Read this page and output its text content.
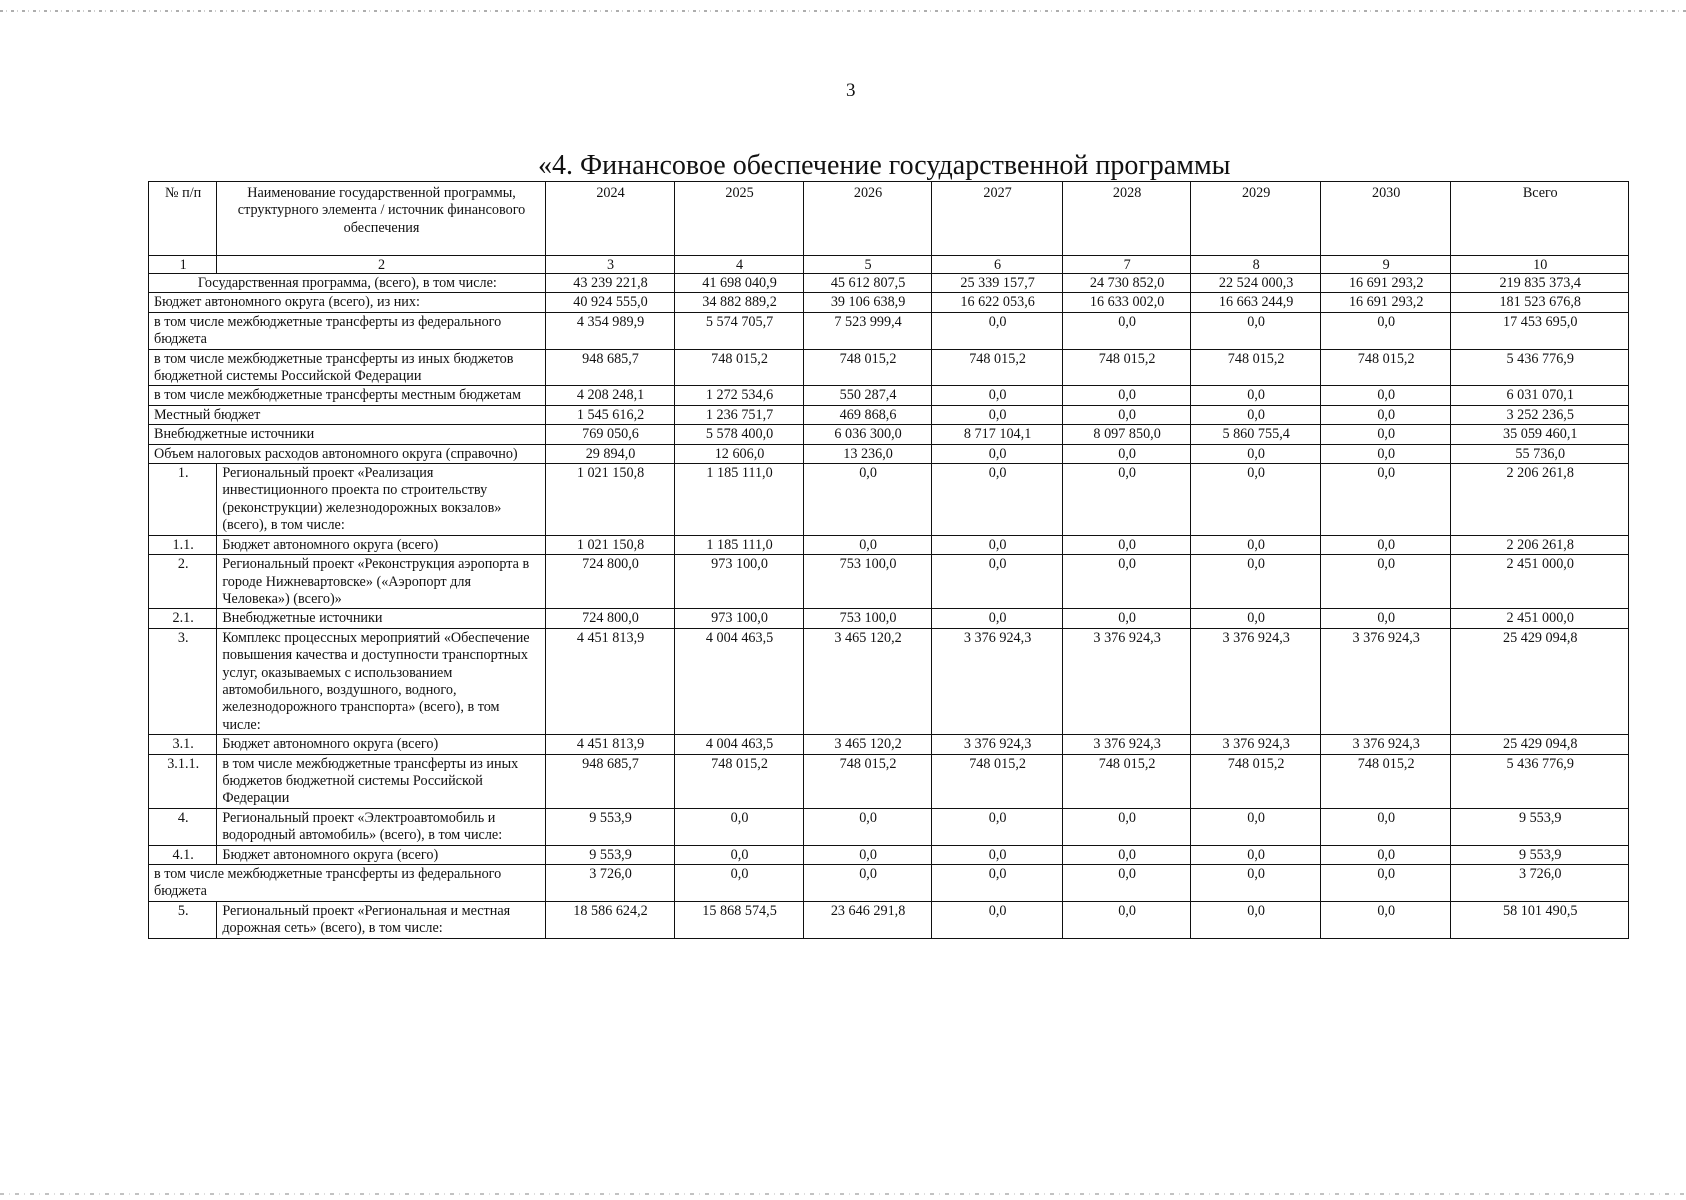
3
«4. Финансовое обеспечение государственной программы
№ п/п	Наименование государственной программы, структурного элемента / источник финансового обеспечения	2024	2025	2026	2027	2028	2029	2030	Всего
1	2	3	4	5	6	7	8	9	10
Государственная программа, (всего), в том числе:		43 239 221,8	41 698 040,9	45 612 807,5	25 339 157,7	24 730 852,0	22 524 000,3	16 691 293,2	219 835 373,4
Бюджет автономного округа (всего), из них:		40 924 555,0	34 882 889,2	39 106 638,9	16 622 053,6	16 633 002,0	16 663 244,9	16 691 293,2	181 523 676,8
в том числе межбюджетные трансферты из федерального бюджета		4 354 989,9	5 574 705,7	7 523 999,4	0,0	0,0	0,0	0,0	17 453 695,0
в том числе межбюджетные трансферты из иных бюджетов бюджетной системы Российской Федерации		948 685,7	748 015,2	748 015,2	748 015,2	748 015,2	748 015,2	748 015,2	5 436 776,9
в том числе межбюджетные трансферты местным бюджетам		4 208 248,1	1 272 534,6	550 287,4	0,0	0,0	0,0	0,0	6 031 070,1
Местный бюджет		1 545 616,2	1 236 751,7	469 868,6	0,0	0,0	0,0	0,0	3 252 236,5
Внебюджетные источники		769 050,6	5 578 400,0	6 036 300,0	8 717 104,1	8 097 850,0	5 860 755,4	0,0	35 059 460,1
Объем налоговых расходов автономного округа (справочно)		29 894,0	12 606,0	13 236,0	0,0	0,0	0,0	0,0	55 736,0
1.	Региональный проект «Реализация инвестиционного проекта по строительству (реконструкции) железнодорожных вокзалов» (всего), в том числе:	1 021 150,8	1 185 111,0	0,0	0,0	0,0	0,0	0,0	2 206 261,8
1.1.	Бюджет автономного округа (всего)	1 021 150,8	1 185 111,0	0,0	0,0	0,0	0,0	0,0	2 206 261,8
2.	Региональный проект «Реконструкция аэропорта в городе Нижневартовске» («Аэропорт для Человека») (всего)»	724 800,0	973 100,0	753 100,0	0,0	0,0	0,0	0,0	2 451 000,0
2.1.	Внебюджетные источники	724 800,0	973 100,0	753 100,0	0,0	0,0	0,0	0,0	2 451 000,0
3.	Комплекс процессных мероприятий «Обеспечение повышения качества и доступности транспортных услуг, оказываемых с использованием автомобильного, воздушного, водного, железнодорожного транспорта» (всего), в том числе:	4 451 813,9	4 004 463,5	3 465 120,2	3 376 924,3	3 376 924,3	3 376 924,3	3 376 924,3	25 429 094,8
3.1.	Бюджет автономного округа (всего)	4 451 813,9	4 004 463,5	3 465 120,2	3 376 924,3	3 376 924,3	3 376 924,3	3 376 924,3	25 429 094,8
3.1.1.	в том числе межбюджетные трансферты из иных бюджетов бюджетной системы Российской Федерации	948 685,7	748 015,2	748 015,2	748 015,2	748 015,2	748 015,2	748 015,2	5 436 776,9
4.	Региональный проект «Электроавтомобиль и водородный автомобиль» (всего), в том числе:	9 553,9	0,0	0,0	0,0	0,0	0,0	0,0	9 553,9
4.1.	Бюджет автономного округа (всего)	9 553,9	0,0	0,0	0,0	0,0	0,0	0,0	9 553,9
в том числе межбюджетные трансферты из федерального бюджета		3 726,0	0,0	0,0	0,0	0,0	0,0	0,0	3 726,0
5.	Региональный проект «Региональная и местная дорожная сеть» (всего), в том числе:	18 586 624,2	15 868 574,5	23 646 291,8	0,0	0,0	0,0	0,0	58 101 490,5
